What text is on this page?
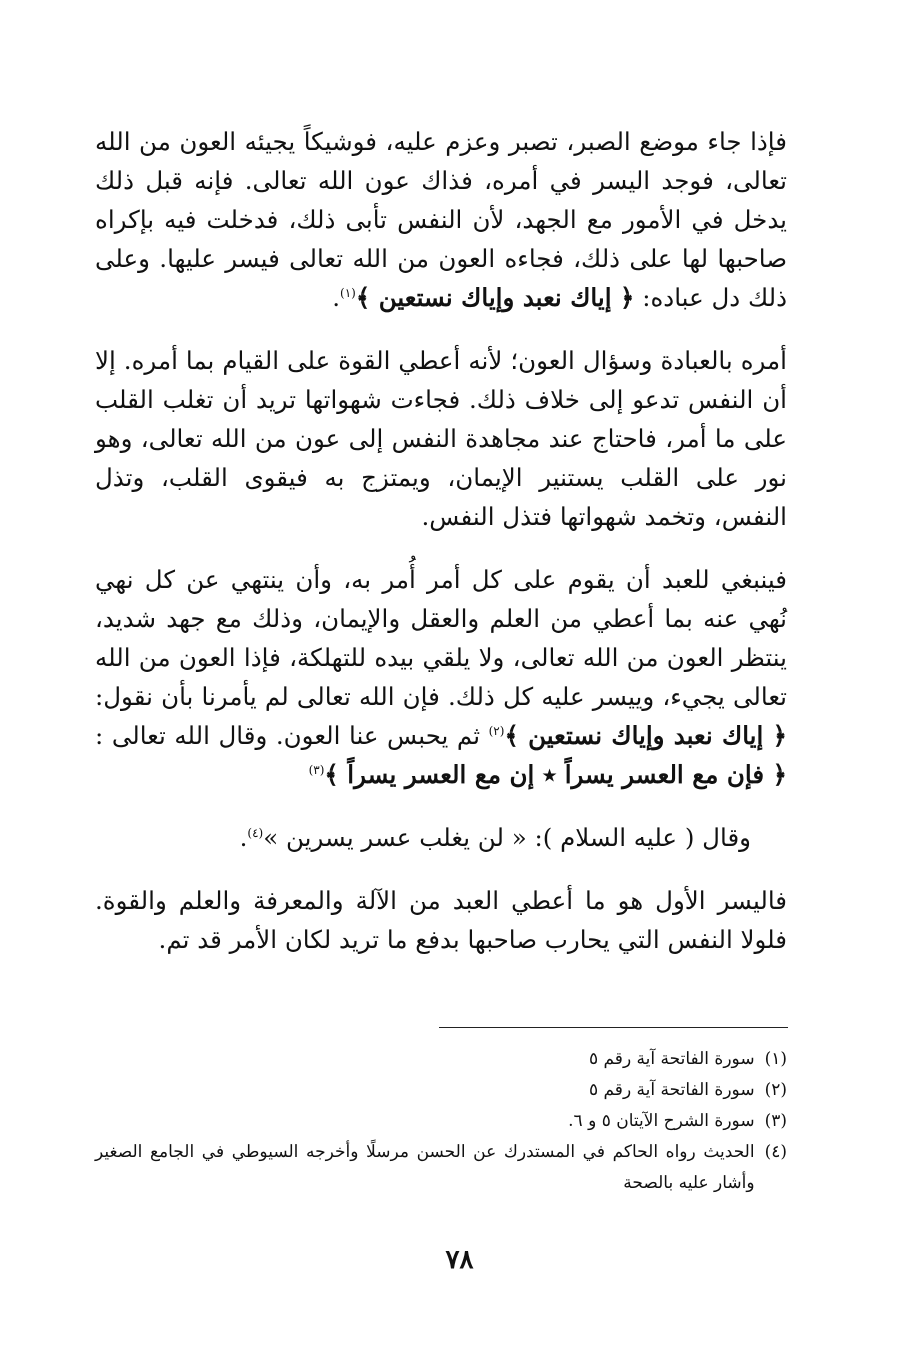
فإذا جاء موضع الصبر، تصبر وعزم عليه، فوشيكاً يجيئه العون من الله تعالى، فوجد اليسر في أمره، فذاك عون الله تعالى. فإنه قبل ذلك يدخل في الأمور مع الجهد، لأن النفس تأبى ذلك، فدخلت فيه بإكراه صاحبها لها على ذلك، فجاءه العون من الله تعالى فيسر عليها. وعلى ذلك دل عباده: ﴿ إياك نعبد وإياك نستعين ﴾$^{(١)}$.

أمره بالعبادة وسؤال العون؛ لأنه أعطي القوة على القيام بما أمره. إلا أن النفس تدعو إلى خلاف ذلك. فجاءت شهواتها تريد أن تغلب القلب على ما أمر، فاحتاج عند مجاهدة النفس إلى عون من الله تعالى، وهو نور على القلب يستنير الإيمان، ويمتزج به فيقوى القلب، وتذل النفس، وتخمد شهواتها فتذل النفس.

فينبغي للعبد أن يقوم على كل أمر أُمر به، وأن ينتهي عن كل نهي نُهي عنه بما أعطي من العلم والعقل والإيمان، وذلك مع جهد شديد، ينتظر العون من الله تعالى، ولا يلقي بيده للتهلكة، فإذا العون من الله تعالى يجيء، وييسر عليه كل ذلك. فإن الله تعالى لم يأمرنا بأن نقول: ﴿ إياك نعبد وإياك نستعين ﴾$^{(٢)}$ ثم يحبس عنا العون. وقال الله تعالى : ﴿ فإن مع العسر يسراً ٭ إن مع العسر يسراً ﴾$^{(٣)}$

وقال ( عليه السلام ): « لن يغلب عسر يسرين »$^{(٤)}$.

فاليسر الأول هو ما أعطي العبد من الآلة والمعرفة والعلم والقوة. فلولا النفس التي يحارب صاحبها بدفع ما تريد لكان الأمر قد تم.

(١)
سورة الفاتحة آية رقم ٥
(٢)
سورة الفاتحة آية رقم ٥
(٣)
سورة الشرح الآيتان ٥ و ٦.
(٤)
الحديث رواه الحاكم في المستدرك عن الحسن مرسلًا وأخرجه السيوطي في الجامع الصغير وأشار عليه بالصحة
٧٨
